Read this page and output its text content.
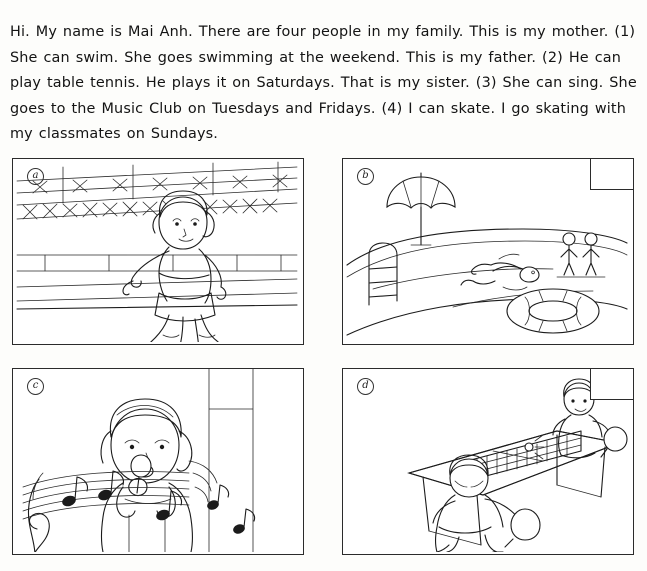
Hi. My name is Mai Anh. There are four people in my family. This is my mother. (1) She can swim. She goes swimming at the weekend. This is my father. (2) He can play table tennis. He plays it on Saturdays. That is my sister. (3) She can sing. She goes to the Music Club on Tuesdays and Fridays. (4) I can skate. I go skating with my classmates on Sundays.

a	b
c	d
